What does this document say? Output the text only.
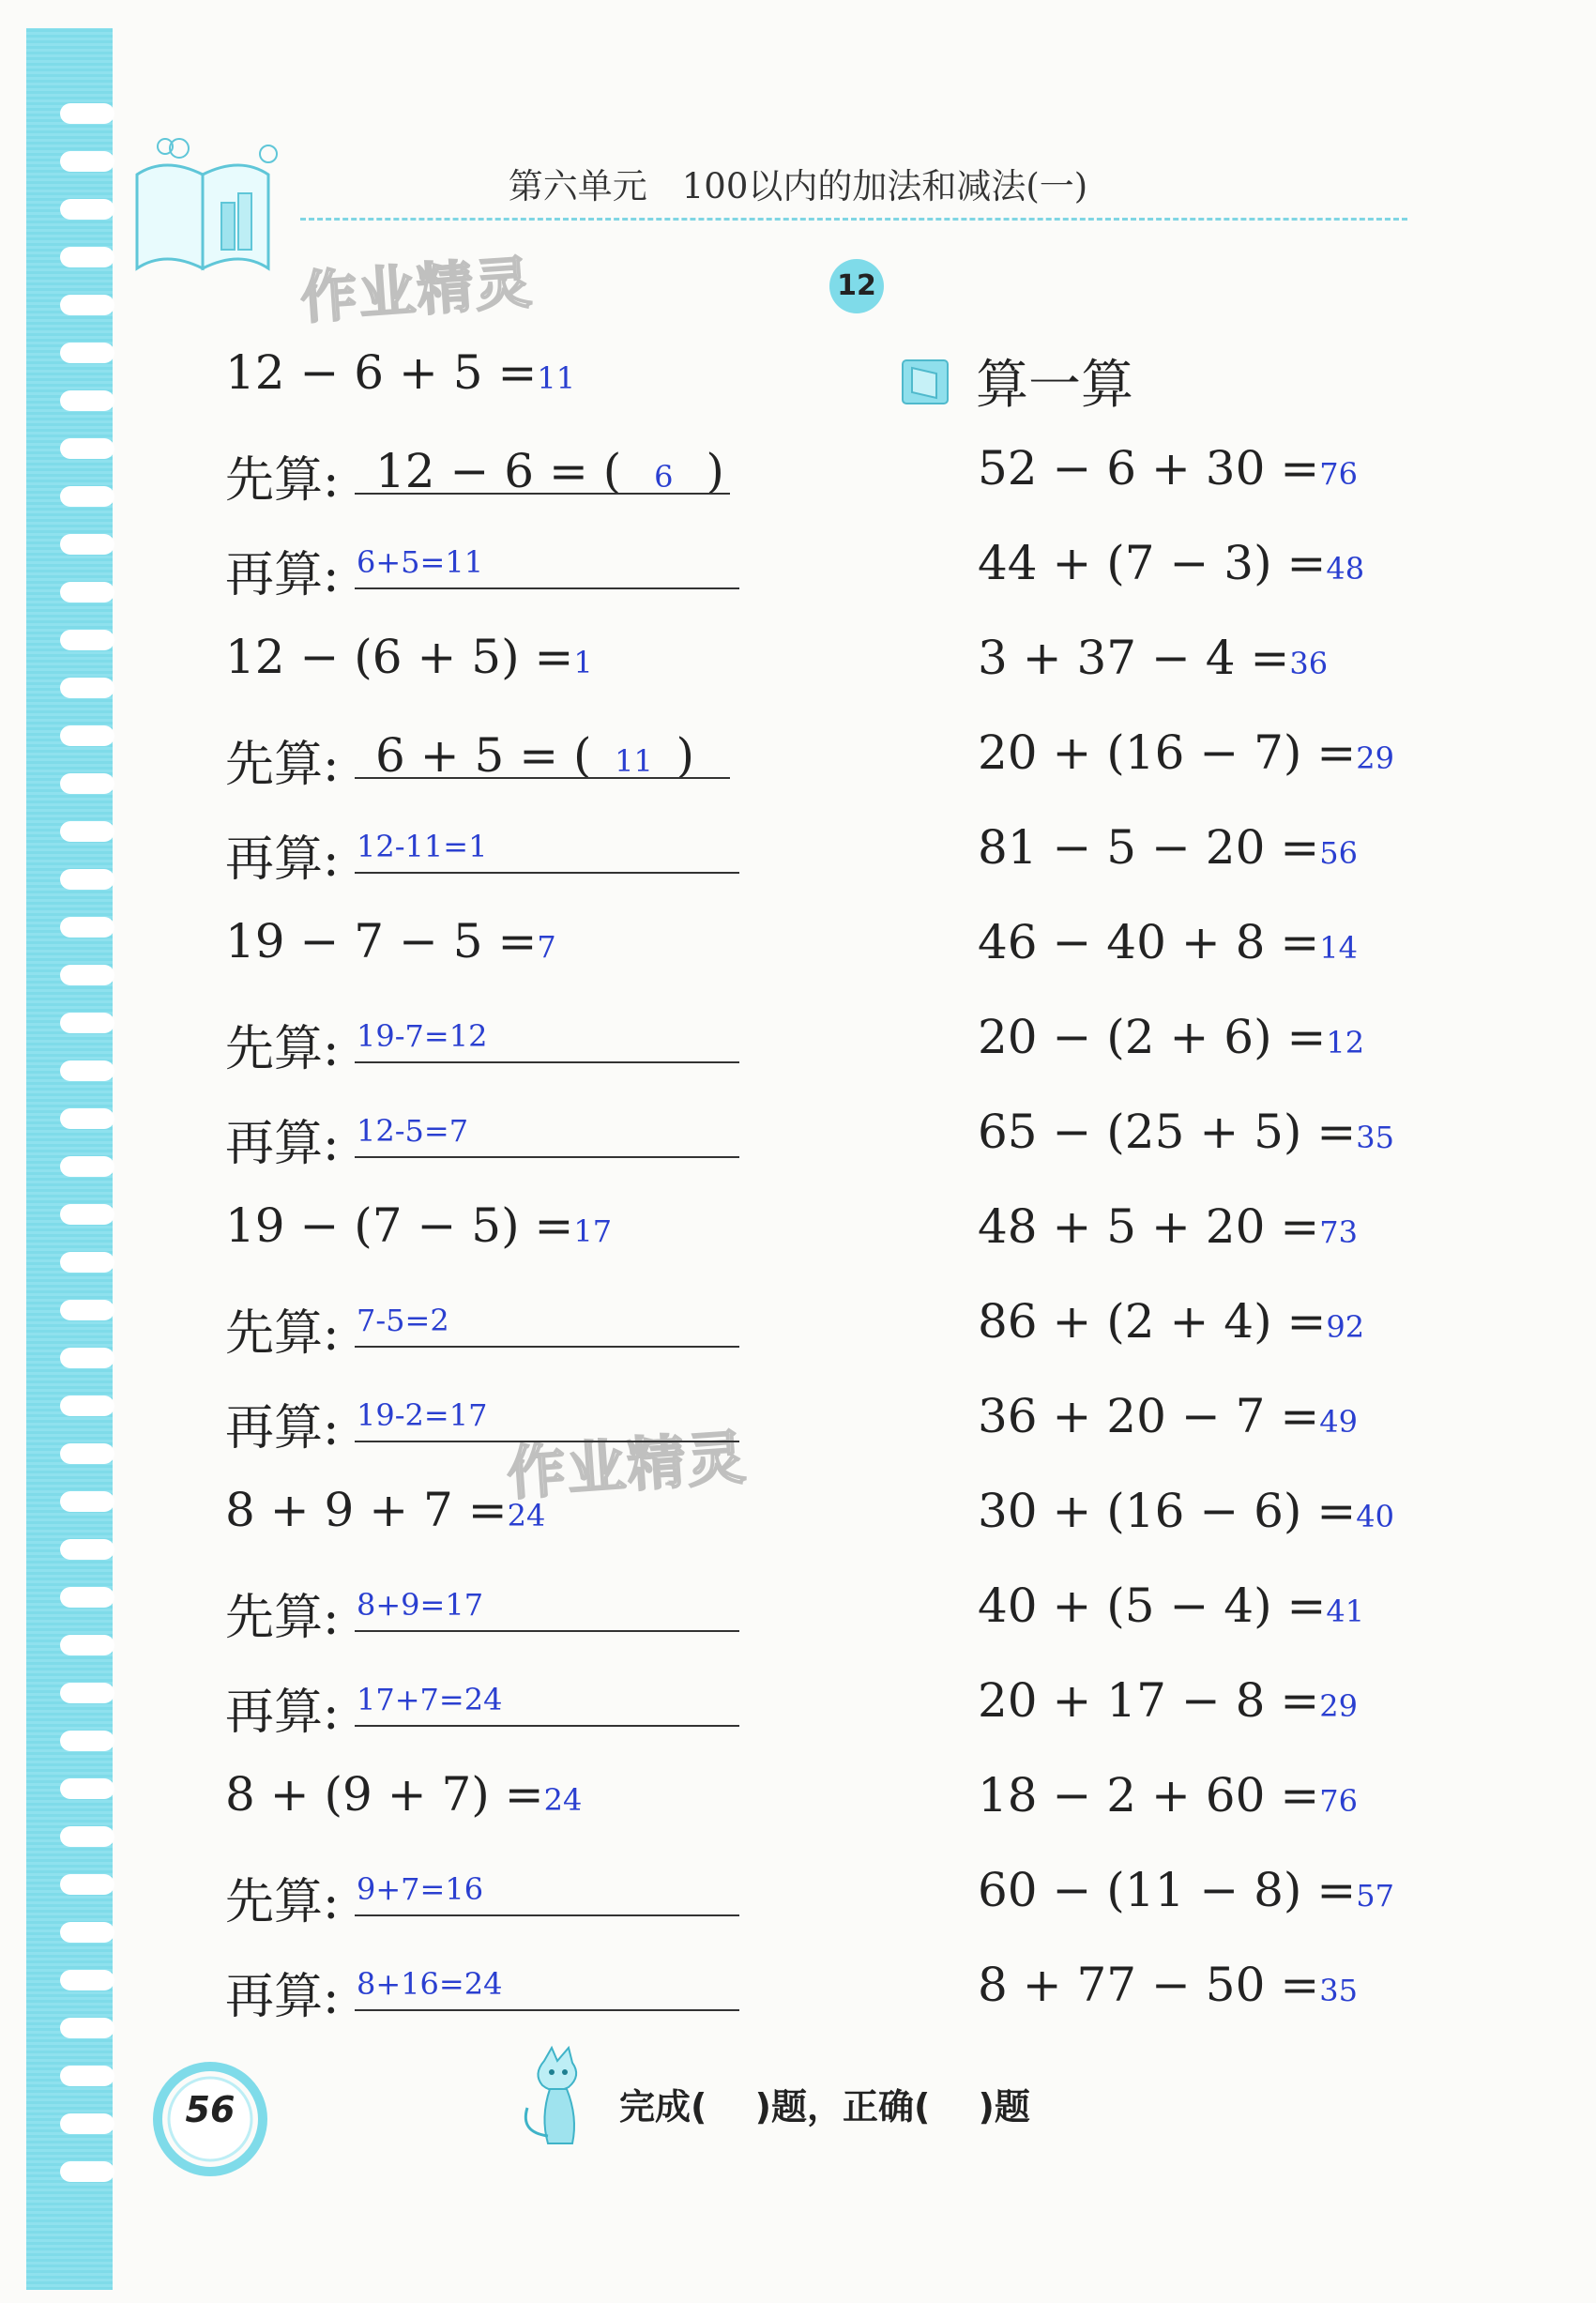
第六单元　100以内的加法和减法(一)
12
作业精灵
作业精灵
12 − 6 + 5 =11
先算: 12 − 6 = ( 6 )
再算: 6+5=11
12 − (6 + 5) =1
先算: 6 + 5 = ( 11 )
再算: 12-11=1
19 − 7 − 5 =7
先算: 19-7=12
再算: 12-5=7
19 − (7 − 5) =17
先算: 7-5=2
再算: 19-2=17
8 + 9 + 7 =24
先算: 8+9=17
再算: 17+7=24
8 + (9 + 7) =24
先算: 9+7=16
再算: 8+16=24
算一算
52 − 6 + 30 =76
44 + (7 − 3) =48
3 + 37 − 4 =36
20 + (16 − 7) =29
81 − 5 − 20 =56
46 − 40 + 8 =14
20 − (2 + 6) =12
65 − (25 + 5) =35
48 + 5 + 20 =73
86 + (2 + 4) =92
36 + 20 − 7 =49
30 + (16 − 6) =40
40 + (5 − 4) =41
20 + 17 − 8 =29
18 − 2 + 60 =76
60 − (11 − 8) =57
8 + 77 − 50 =35
56	完成(　 )题，正确(　 )题
